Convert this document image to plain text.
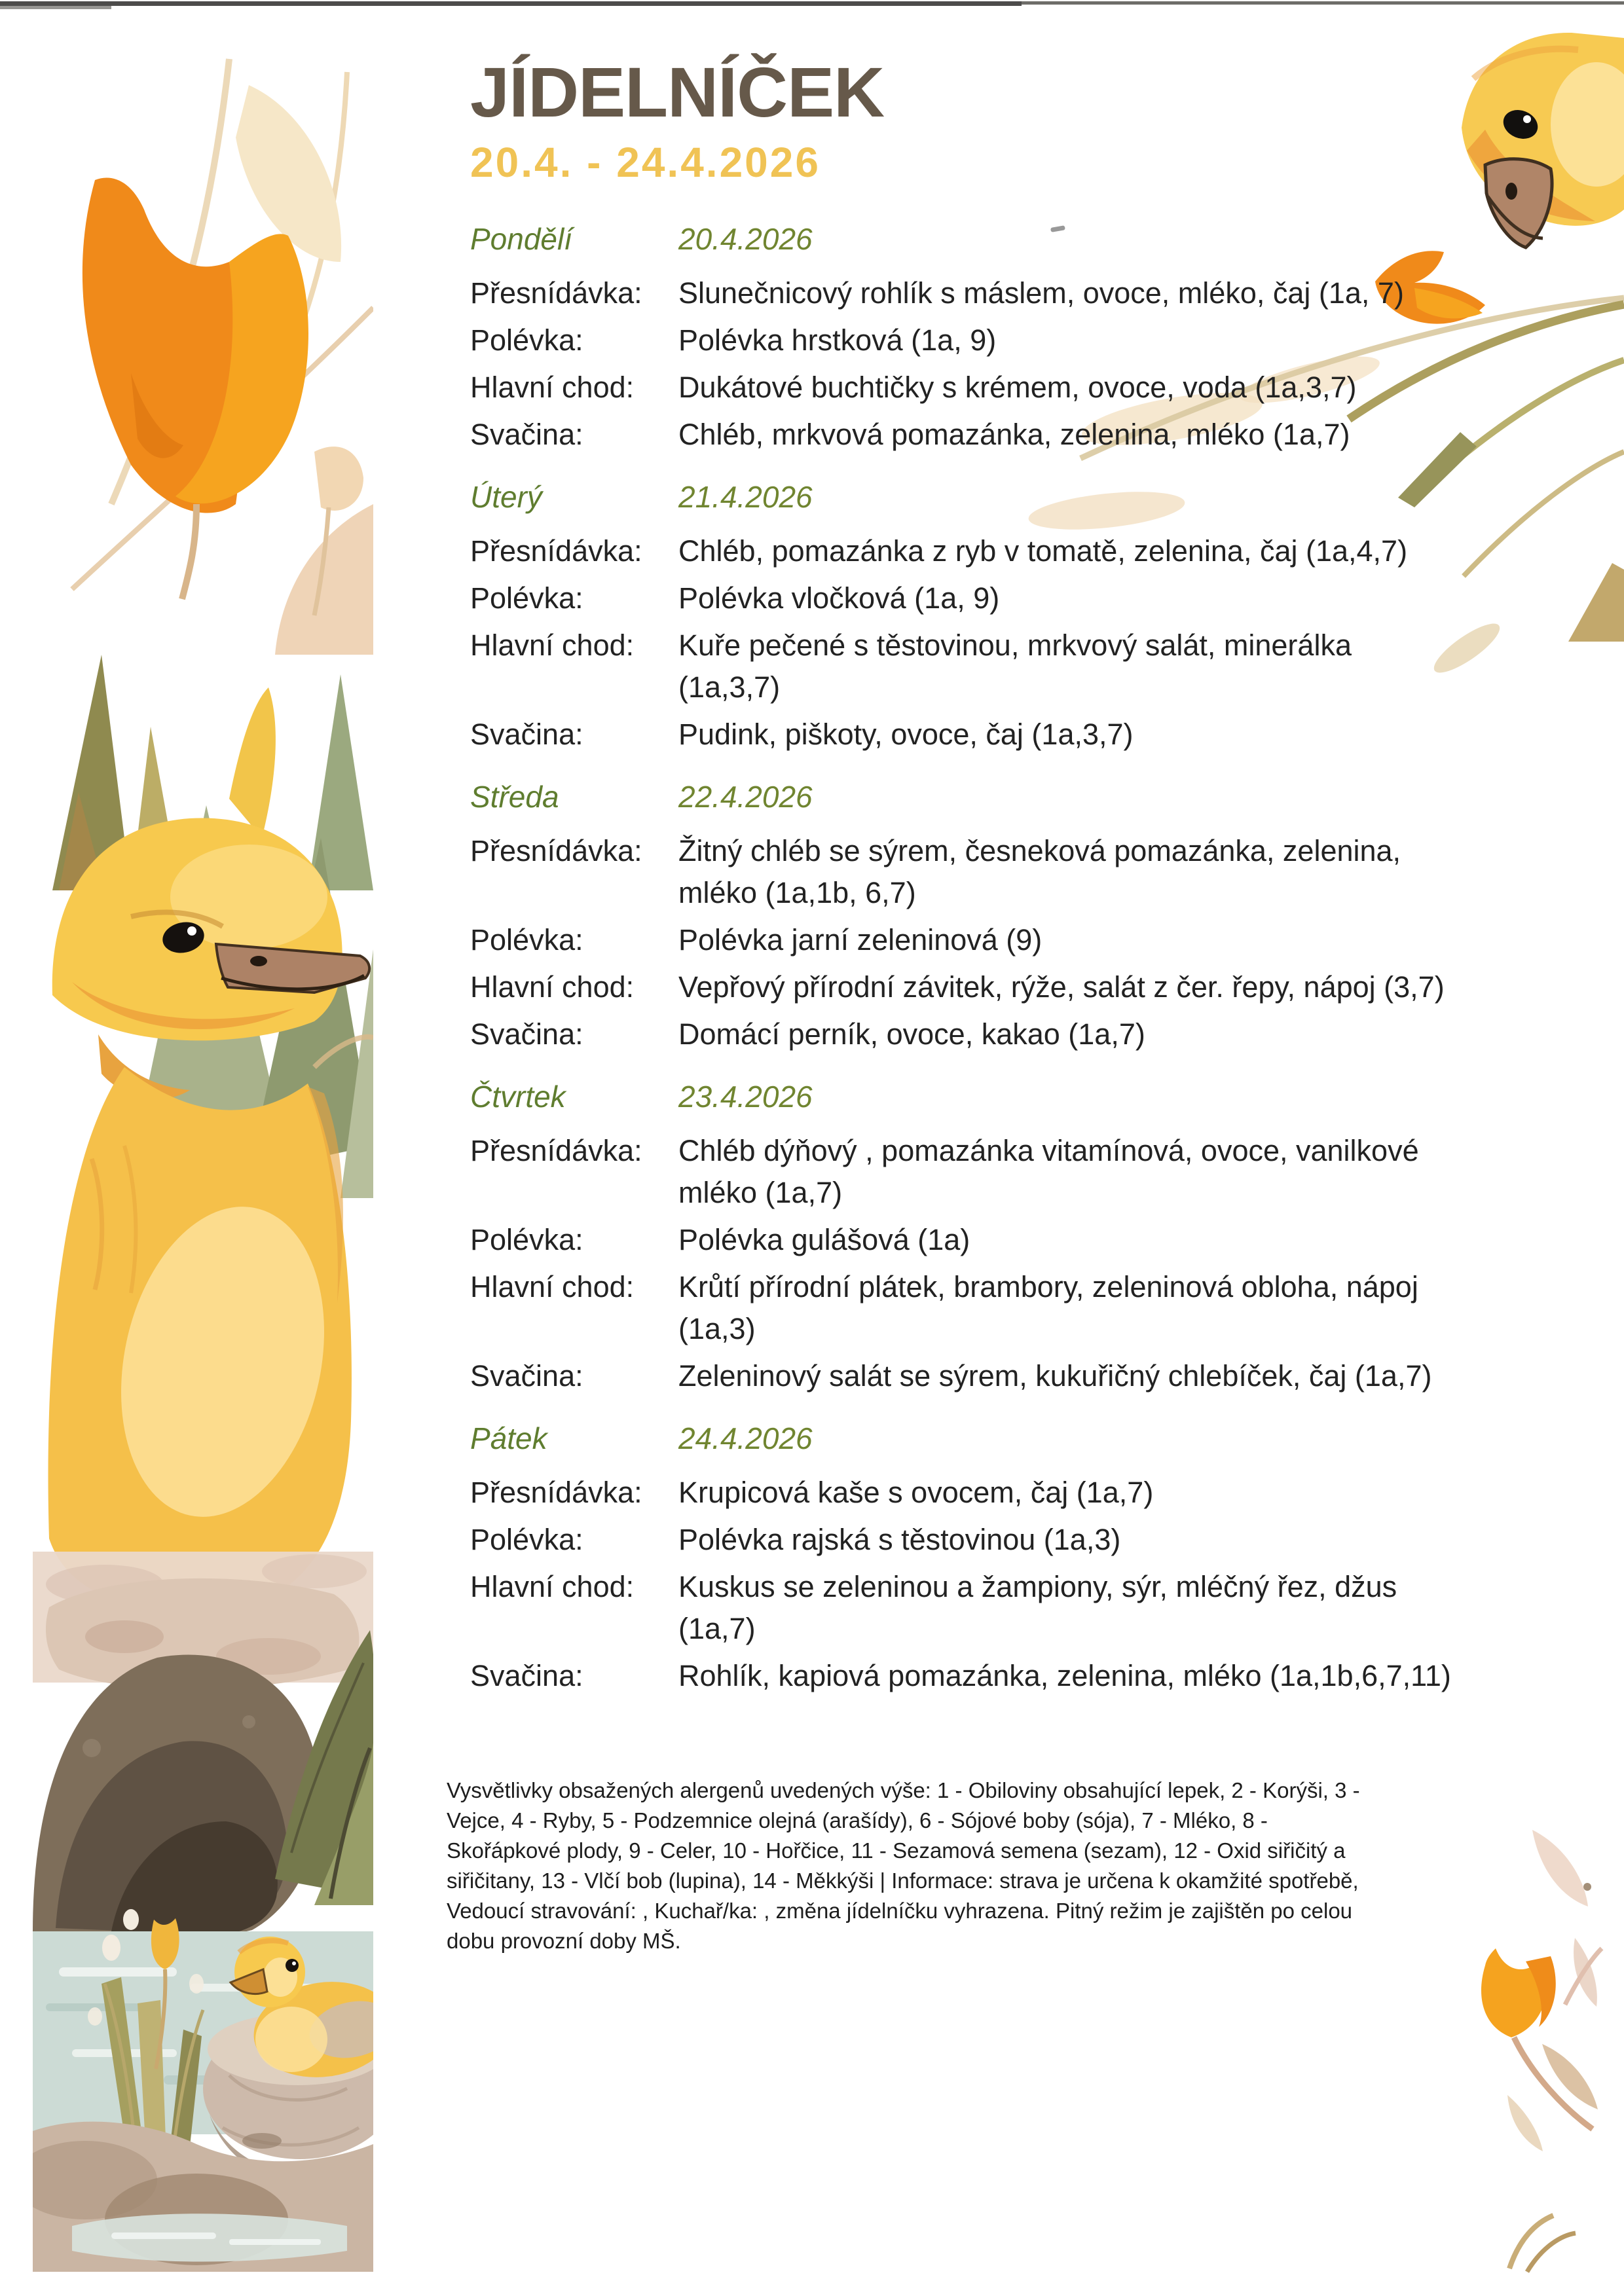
JÍDELNÍČEK
20.4. - 24.4.2026
Pondělí	20.4.2026
Přesnídávka:	Slunečnicový rohlík s máslem, ovoce, mléko, čaj (1a, 7)
Polévka:	Polévka hrstková (1a, 9)
Hlavní chod:	Dukátové buchtičky s krémem, ovoce, voda (1a,3,7)
Svačina:	Chléb, mrkvová pomazánka, zelenina, mléko (1a,7)
Úterý	21.4.2026
Přesnídávka:	Chléb, pomazánka z ryb v tomatě, zelenina, čaj (1a,4,7)
Polévka:	Polévka vločková (1a, 9)
Hlavní chod:	Kuře pečené s těstovinou, mrkvový salát, minerálka (1a,3,7)
Svačina:	Pudink, piškoty, ovoce, čaj (1a,3,7)
Středa	22.4.2026
Přesnídávka:	Žitný chléb se sýrem, česneková pomazánka, zelenina, mléko (1a,1b, 6,7)
Polévka:	Polévka jarní zeleninová (9)
Hlavní chod:	Vepřový přírodní závitek, rýže, salát z čer. řepy, nápoj (3,7)
Svačina:	Domácí perník, ovoce, kakao (1a,7)
Čtvrtek	23.4.2026
Přesnídávka:	Chléb dýňový , pomazánka vitamínová, ovoce, vanilkové mléko (1a,7)
Polévka:	Polévka gulášová (1a)
Hlavní chod:	Krůtí přírodní plátek, brambory, zeleninová obloha, nápoj (1a,3)
Svačina:	Zeleninový salát se sýrem, kukuřičný chlebíček, čaj (1a,7)
Pátek	24.4.2026
Přesnídávka:	Krupicová kaše s ovocem, čaj (1a,7)
Polévka:	Polévka rajská s těstovinou (1a,3)
Hlavní chod:	Kuskus se zeleninou a žampiony, sýr, mléčný řez, džus (1a,7)
Svačina:	Rohlík, kapiová pomazánka, zelenina, mléko (1a,1b,6,7,11)

Vysvětlivky obsažených alergenů uvedených výše: 1 - Obiloviny obsahující lepek, 2 - Korýši, 3 - Vejce, 4 - Ryby, 5 - Podzemnice olejná (arašídy), 6 - Sójové boby (sója), 7 - Mléko, 8 - Skořápkové plody, 9 - Celer, 10 - Hořčice, 11 - Sezamová semena (sezam), 12 - Oxid siřičitý a siřičitany, 13 - Vlčí bob (lupina), 14 - Měkkýši | Informace: strava je určena k okamžité spotřebě, Vedoucí stravování: , Kuchař/ka: , změna jídelníčku vyhrazena. Pitný režim je zajištěn po celou dobu provozní doby MŠ.
